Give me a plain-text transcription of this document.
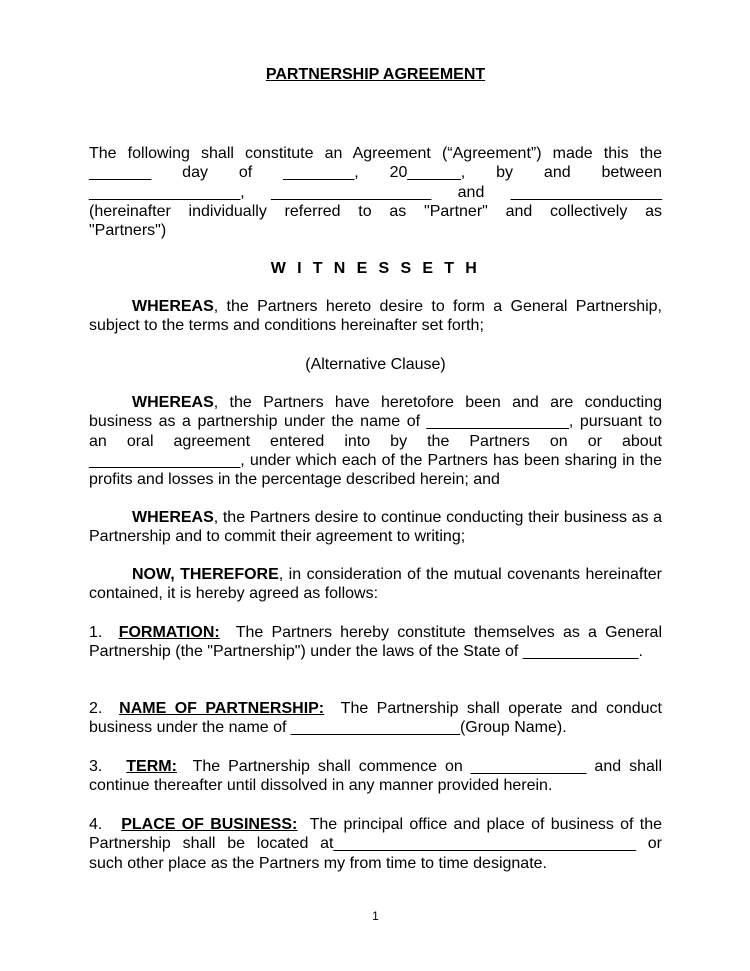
PARTNERSHIP AGREEMENT
The following shall constitute an Agreement (“Agreement”) made this the
_______ day of ________, 20______, by and between
_________________, __________________ and _________________
(hereinafter individually referred to as "Partner" and collectively as
"Partners")
W I T N E S S E T H
WHEREAS, the Partners hereto desire to form a General Partnership, subject to the terms and conditions hereinafter set forth;
(Alternative Clause)
WHEREAS, the Partners have heretofore been and are conducting business as a partnership under the name of ________________, pursuant to an oral agreement entered into by the Partners on or about _________________, under which each of the Partners has been sharing in the profits and losses in the percentage described herein; and
WHEREAS, the Partners desire to continue conducting their business as a Partnership and to commit their agreement to writing;
NOW, THEREFORE, in consideration of the mutual covenants hereinafter contained, it is hereby agreed as follows:
1. FORMATION: The Partners hereby constitute themselves as a General Partnership (the "Partnership") under the laws of the State of _____________.
2. NAME OF PARTNERSHIP: The Partnership shall operate and conduct business under the name of ___________________(Group Name).
3. TERM: The Partnership shall commence on _____________ and shall continue thereafter until dissolved in any manner provided herein.
4. PLACE OF BUSINESS: The principal office and place of business of the Partnership shall be located at__________________________________ or such other place as the Partners my from time to time designate.
1
